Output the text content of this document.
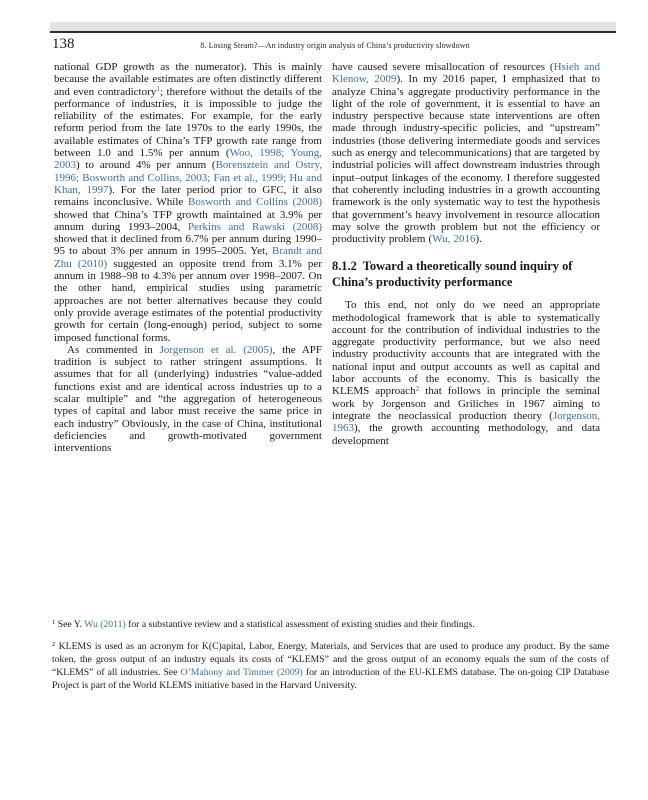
138	8. Losing Steam?—An industry origin analysis of China’s productivity slowdown

national GDP growth as the numerator). This is mainly because the available estimates are often distinctly different and even contradictory$^1$; therefore without the details of the performance of industries, it is impossible to judge the reliability of the estimates. For example, for the early reform period from the late 1970s to the early 1990s, the available estimates of China’s TFP growth rate range from between 1.0 and 1.5% per annum (Woo, 1998; Young, 2003) to around 4% per annum (Borensztein and Ostry, 1996; Bosworth and Collins, 2003; Fan et al., 1999; Hu and Khan, 1997). For the later period prior to GFC, it also remains inconclusive. While Bosworth and Collins (2008) showed that China’s TFP growth maintained at 3.9% per annum during 1993–2004, Perkins and Rawski (2008) showed that it declined from 6.7% per annum during 1990–95 to about 3% per annum in 1995–2005. Yet, Brandt and Zhu (2010) suggested an opposite trend from 3.1% per annum in 1988–98 to 4.3% per annum over 1998–2007. On the other hand, empirical studies using parametric approaches are not better alternatives because they could only provide average estimates of the potential productivity growth for certain (long-enough) period, subject to some imposed functional forms.

As commented in Jorgenson et al. (2005), the APF tradition is subject to rather stringent assumptions. It assumes that for all (underlying) industries “value-added functions exist and are identical across industries up to a scalar multiple” and “the aggregation of heterogeneous types of capital and labor must receive the same price in each industry” Obviously, in the case of China, institutional deficiencies and growth-motivated government interventions

have caused severe misallocation of resources (Hsieh and Klenow, 2009). In my 2016 paper, I emphasized that to analyze China’s aggregate productivity performance in the light of the role of government, it is essential to have an industry perspective because state interventions are often made through industry-specific policies, and “upstream” industries (those delivering intermediate goods and services such as energy and telecommunications) that are targeted by industrial policies will affect downstream industries through input–output linkages of the economy. I therefore suggested that coherently including industries in a growth accounting framework is the only systematic way to test the hypothesis that government’s heavy involvement in resource allocation may solve the growth problem but not the efficiency or productivity problem (Wu, 2016).

8.1.2  Toward a theoretically sound inquiry of China’s productivity performance

To this end, not only do we need an appropriate methodological framework that is able to systematically account for the contribution of individual industries to the aggregate productivity performance, but we also need industry productivity accounts that are integrated with the national input and output accounts as well as capital and labor accounts of the economy. This is basically the KLEMS approach$^2$ that follows in principle the seminal work by Jorgenson and Griliches in 1967 aiming to integrate the neoclassical production theory (Jorgenson, 1963), the growth accounting methodology, and data development

$^1$ See Y. Wu (2011) for a substantive review and a statistical assessment of existing studies and their findings.

$^2$ KLEMS is used as an acronym for K(C)apital, Labor, Energy, Materials, and Services that are used to produce any product. By the same token, the gross output of an industry equals its costs of “KLEMS” and the gross output of an economy equals the sum of the costs of “KLEMS” of all industries. See O’Mahony and Timmer (2009) for an introduction of the EU-KLEMS database. The on-going CIP Database Project is part of the World KLEMS initiative based in the Harvard University.
